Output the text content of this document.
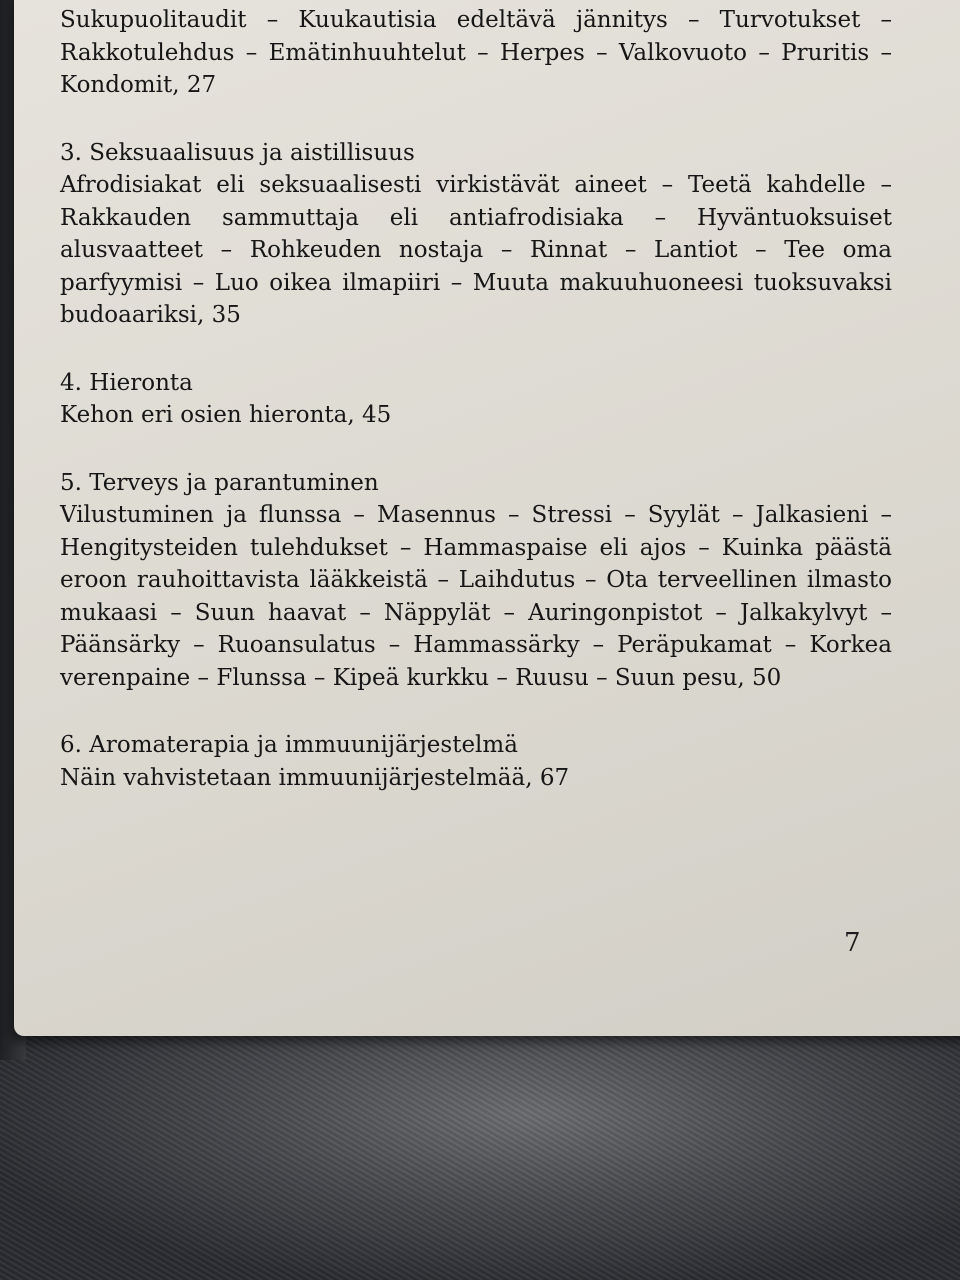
Sukupuolitaudit – Kuukautisia edeltävä jännitys – Turvotukset – Rakkotulehdus – Emätinhuuhtelut – Herpes – Valkovuoto – Pruritis – Kondomit, 27

3. Seksuaalisuus ja aistillisuus

Afrodisiakat eli seksuaalisesti virkistävät aineet – Teetä kahdelle – Rakkauden sammuttaja eli antiafrodisiaka – Hyväntuoksuiset alusvaatteet – Rohkeuden nostaja – Rinnat – Lantiot – Tee oma parfyymisi – Luo oikea ilmapiiri – Muuta makuuhuoneesi tuoksuvaksi budoaariksi, 35

4. Hieronta

Kehon eri osien hieronta, 45

5. Terveys ja parantuminen

Vilustuminen ja flunssa – Masennus – Stressi – Syylät – Jalkasieni – Hengitysteiden tulehdukset – Hammaspaise eli ajos – Kuinka päästä eroon rauhoittavista lääkkeistä – Laihdutus – Ota terveellinen ilmasto mukaasi – Suun haavat – Näppylät – Auringonpistot – Jalkakylvyt – Päänsärky – Ruoansulatus – Hammassärky – Peräpukamat – Korkea verenpaine – Flunssa – Kipeä kurkku – Ruusu – Suun pesu, 50

6. Aromaterapia ja immuunijärjestelmä

Näin vahvistetaan immuunijärjestelmää, 67

7
